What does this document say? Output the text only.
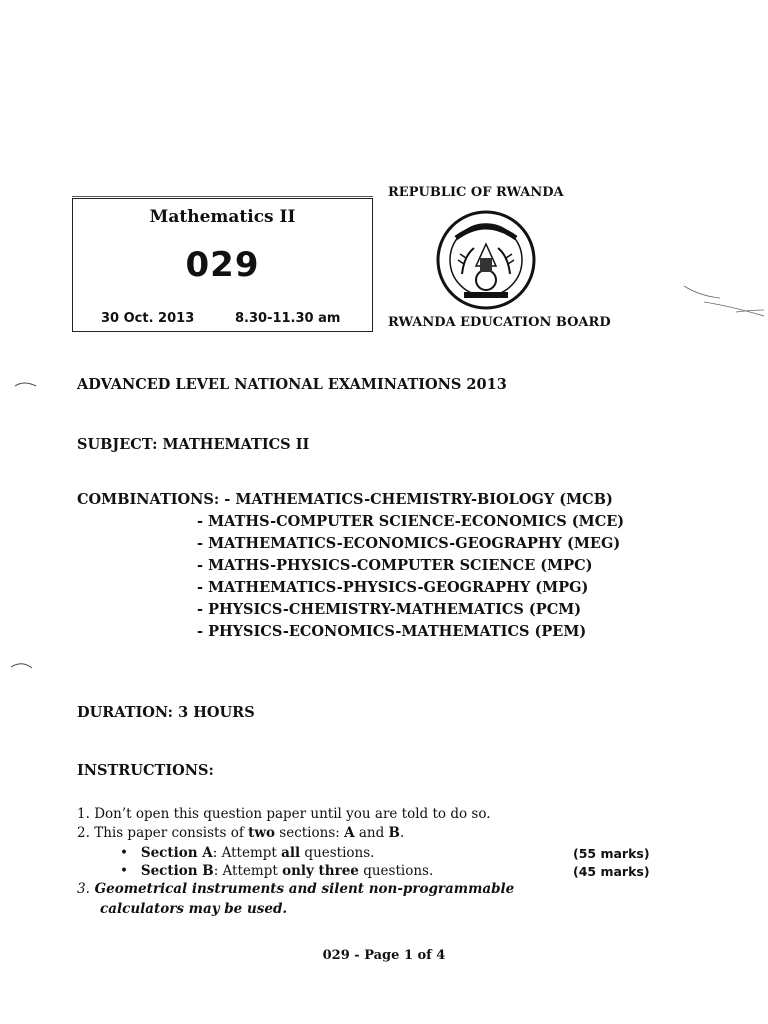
Mathematics II
029
30 Oct. 2013	8.30-11.30 am
REPUBLIC OF RWANDA
RWANDA EDUCATION BOARD
ADVANCED LEVEL NATIONAL EXAMINATIONS 2013
SUBJECT: MATHEMATICS II
COMBINATIONS: - MATHEMATICS-CHEMISTRY-BIOLOGY (MCB)
- MATHS-COMPUTER SCIENCE-ECONOMICS (MCE)
- MATHEMATICS-ECONOMICS-GEOGRAPHY (MEG)
- MATHS-PHYSICS-COMPUTER SCIENCE (MPC)
- MATHEMATICS-PHYSICS-GEOGRAPHY (MPG)
- PHYSICS-CHEMISTRY-MATHEMATICS (PCM)
- PHYSICS-ECONOMICS-MATHEMATICS (PEM)
DURATION: 3 HOURS
INSTRUCTIONS:
1. Don’t open this question paper until you are told to do so.
2. This paper consists of two sections: A and B.
• Section A: Attempt all questions.	(55 marks)
• Section B: Attempt only three questions.	(45 marks)
3. Geometrical instruments and silent non-programmable
calculators may be used.
029 - Page 1 of 4
